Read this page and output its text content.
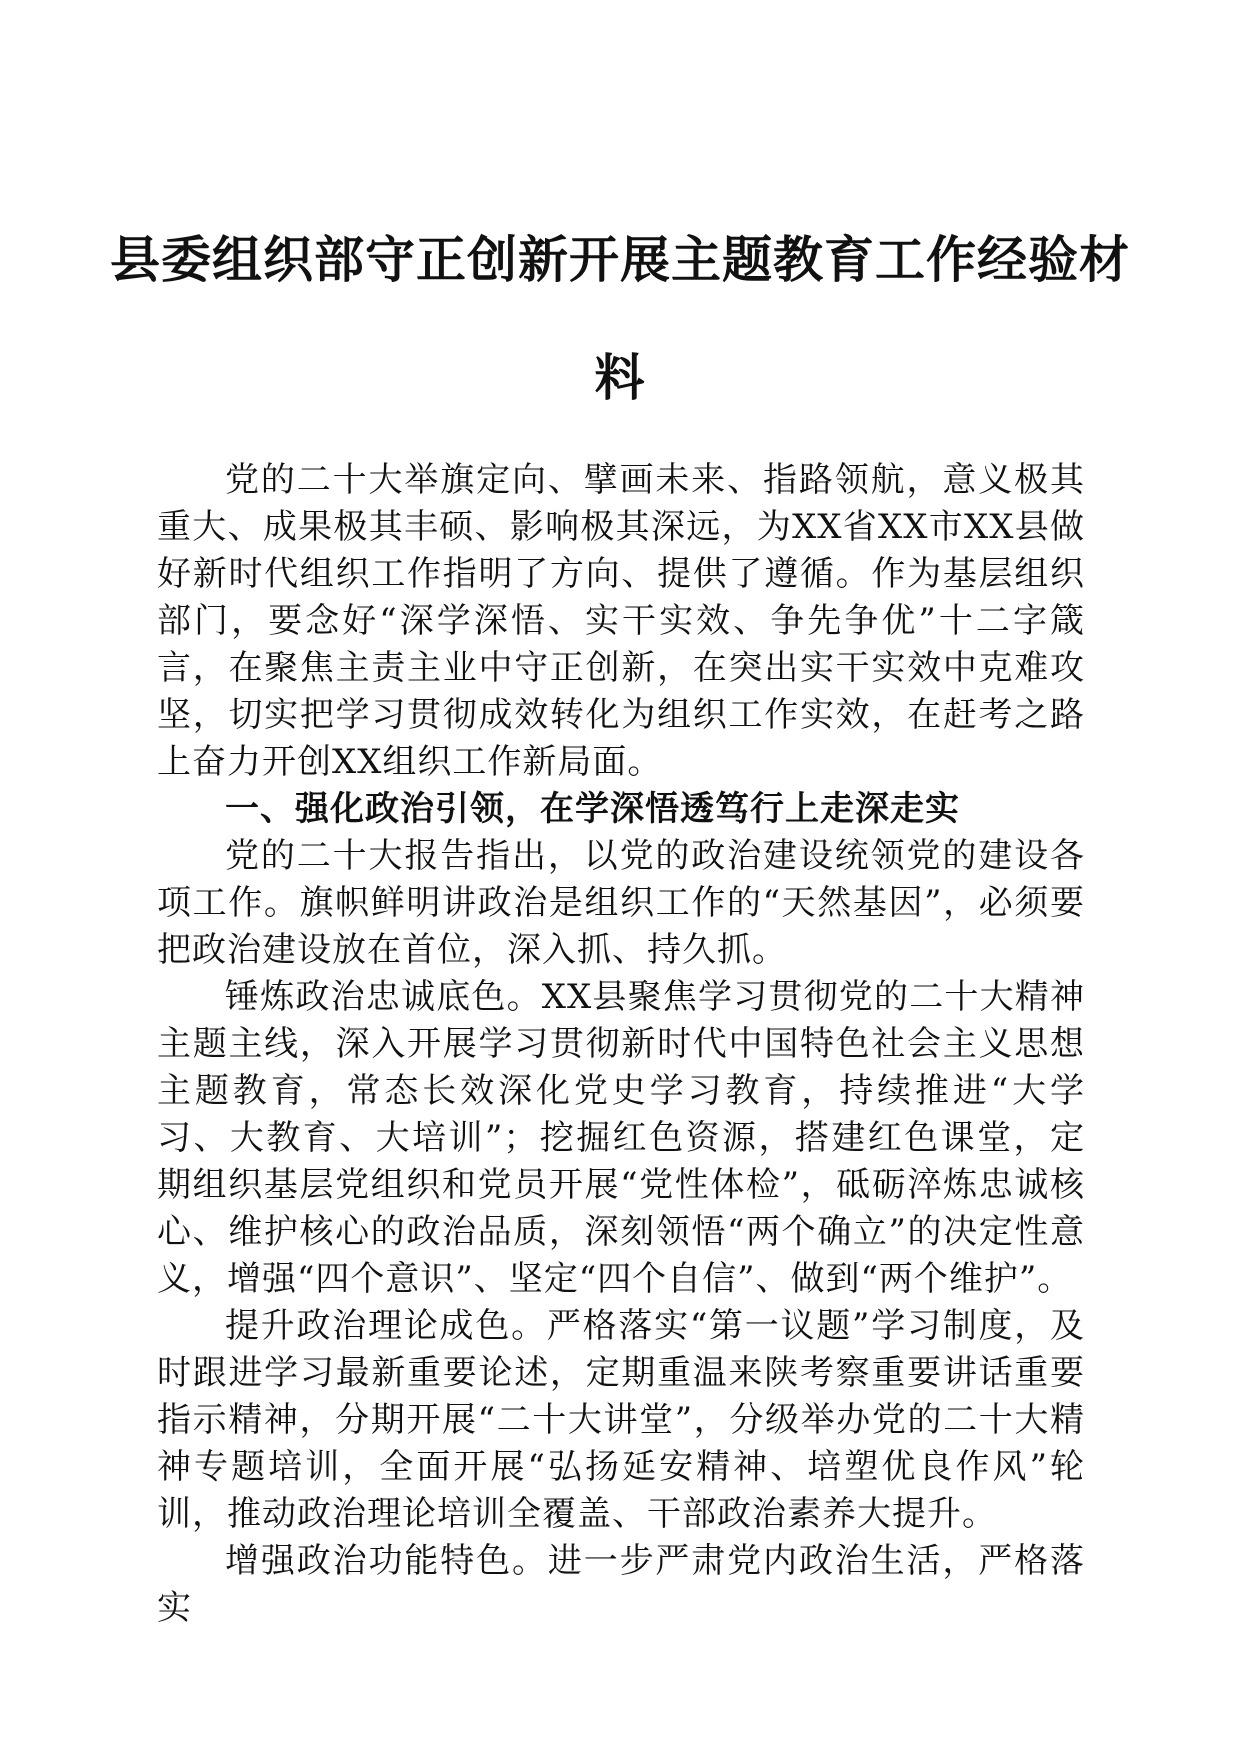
县委组织部守正创新开展主题教育工作经验材
料

党的二十大举旗定向、擘画未来、指路领航，意义极其重大、成果极其丰硕、影响极其深远，为XX省XX市XX县做好新时代组织工作指明了方向、提供了遵循。作为基层组织部门，要念好“深学深悟、实干实效、争先争优”十二字箴言，在聚焦主责主业中守正创新，在突出实干实效中克难攻坚，切实把学习贯彻成效转化为组织工作实效，在赶考之路上奋力开创XX组织工作新局面。

一、强化政治引领，在学深悟透笃行上走深走实

党的二十大报告指出，以党的政治建设统领党的建设各项工作。旗帜鲜明讲政治是组织工作的“天然基因”，必须要把政治建设放在首位，深入抓、持久抓。

锤炼政治忠诚底色。XX县聚焦学习贯彻党的二十大精神主题主线，深入开展学习贯彻新时代中国特色社会主义思想主题教育，常态长效深化党史学习教育，持续推进“大学习、大教育、大培训”；挖掘红色资源，搭建红色课堂，定期组织基层党组织和党员开展“党性体检”，砥砺淬炼忠诚核心、维护核心的政治品质，深刻领悟“两个确立”的决定性意义，增强“四个意识”、坚定“四个自信”、做到“两个维护”。

提升政治理论成色。严格落实“第一议题”学习制度，及时跟进学习最新重要论述，定期重温来陕考察重要讲话重要指示精神，分期开展“二十大讲堂”，分级举办党的二十大精神专题培训，全面开展“弘扬延安精神、培塑优良作风”轮训，推动政治理论培训全覆盖、干部政治素养大提升。

增强政治功能特色。进一步严肃党内政治生活，严格落实
